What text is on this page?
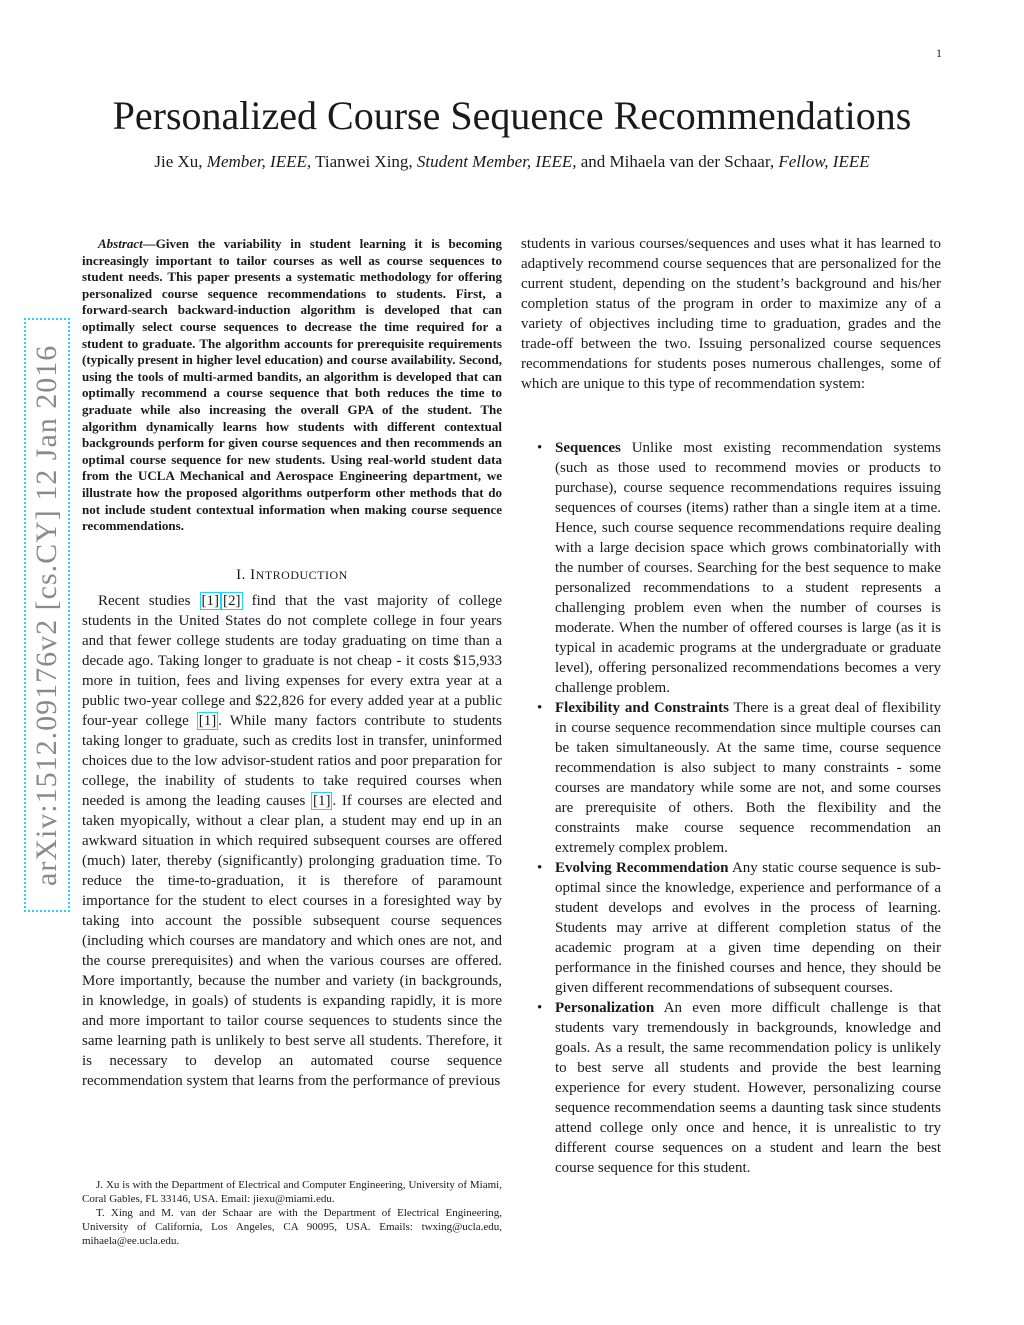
1
arXiv:1512.09176v2 [cs.CY] 12 Jan 2016
Personalized Course Sequence Recommendations
Jie Xu, Member, IEEE, Tianwei Xing, Student Member, IEEE, and Mihaela van der Schaar, Fellow, IEEE

Abstract—Given the variability in student learning it is becoming increasingly important to tailor courses as well as course sequences to student needs. This paper presents a systematic methodology for offering personalized course sequence recommendations to students. First, a forward-search backward-induction algorithm is developed that can optimally select course sequences to decrease the time required for a student to graduate. The algorithm accounts for prerequisite requirements (typically present in higher level education) and course availability. Second, using the tools of multi-armed bandits, an algorithm is developed that can optimally recommend a course sequence that both reduces the time to graduate while also increasing the overall GPA of the student. The algorithm dynamically learns how students with different contextual backgrounds perform for given course sequences and then recommends an optimal course sequence for new students. Using real-world student data from the UCLA Mechanical and Aerospace Engineering department, we illustrate how the proposed algorithms outperform other methods that do not include student contextual information when making course sequence recommendations.

I. INTRODUCTION

Recent studies [1] [2] find that the vast majority of college students in the United States do not complete college in four years and that fewer college students are today graduating on time than a decade ago. Taking longer to graduate is not cheap - it costs $15,933 more in tuition, fees and living expenses for every extra year at a public two-year college and $22,826 for every added year at a public four-year college [1] . While many factors contribute to students taking longer to graduate, such as credits lost in transfer, uninformed choices due to the low advisor-student ratios and poor preparation for college, the inability of students to take required courses when needed is among the leading causes [1] . If courses are elected and taken myopically, without a clear plan, a student may end up in an awkward situation in which required subsequent courses are offered (much) later, thereby (significantly) prolonging graduation time. To reduce the time-to-graduation, it is therefore of paramount importance for the student to elect courses in a foresighted way by taking into account the possible subsequent course sequences (including which courses are mandatory and which ones are not, and the course prerequisites) and when the various courses are offered. More importantly, because the number and variety (in backgrounds, in knowledge, in goals) of students is expanding rapidly, it is more and more important to tailor course sequences to students since the same learning path is unlikely to best serve all students. Therefore, it is necessary to develop an automated course sequence recommendation system that learns from the performance of previous

J. Xu is with the Department of Electrical and Computer Engineering, University of Miami, Coral Gables, FL 33146, USA. Email: jiexu@miami.edu.

T. Xing and M. van der Schaar are with the Department of Electrical Engineering, University of California, Los Angeles, CA 90095, USA. Emails: twxing@ucla.edu, mihaela@ee.ucla.edu.

students in various courses/sequences and uses what it has learned to adaptively recommend course sequences that are personalized for the current student, depending on the student’s background and his/her completion status of the program in order to maximize any of a variety of objectives including time to graduation, grades and the trade-off between the two. Issuing personalized course sequences recommendations for students poses numerous challenges, some of which are unique to this type of recommendation system:

• Sequences Unlike most existing recommendation systems (such as those used to recommend movies or products to purchase), course sequence recommendations requires issuing sequences of courses (items) rather than a single item at a time. Hence, such course sequence recommendations require dealing with a large decision space which grows combinatorially with the number of courses. Searching for the best sequence to make personalized recommendations to a student represents a challenging problem even when the number of courses is moderate. When the number of offered courses is large (as it is typical in academic programs at the undergraduate or graduate level), offering personalized recommendations becomes a very challenge problem.
• Flexibility and Constraints There is a great deal of flexibility in course sequence recommendation since multiple courses can be taken simultaneously. At the same time, course sequence recommendation is also subject to many constraints - some courses are mandatory while some are not, and some courses are prerequisite of others. Both the flexibility and the constraints make course sequence recommendation an extremely complex problem.
• Evolving Recommendation Any static course sequence is sub-optimal since the knowledge, experience and performance of a student develops and evolves in the process of learning. Students may arrive at different completion status of the academic program at a given time depending on their performance in the finished courses and hence, they should be given different recommendations of subsequent courses.
• Personalization An even more difficult challenge is that students vary tremendously in backgrounds, knowledge and goals. As a result, the same recommendation policy is unlikely to best serve all students and provide the best learning experience for every student. However, personalizing course sequence recommendation seems a daunting task since students attend college only once and hence, it is unrealistic to try different course sequences on a student and learn the best course sequence for this student.
